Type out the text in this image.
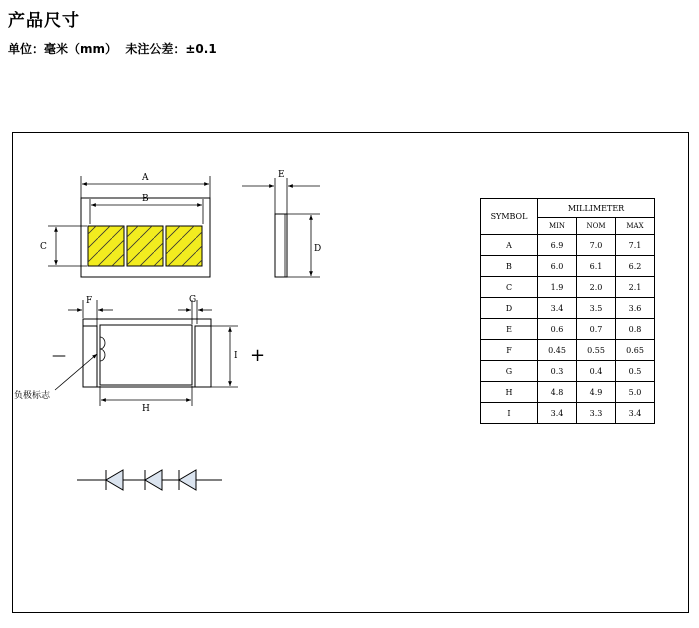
产品尺寸
单位：毫米（mm）  未注公差：±0.1
A
B
C
E
D
F	G
H
I
—	+
负极标志
SYMBOL	MILLIMETER		
	MIN	NOM	MAX
A	6.9	7.0	7.1
B	6.0	6.1	6.2
C	1.9	2.0	2.1
D	3.4	3.5	3.6
E	0.6	0.7	0.8
F	0.45	0.55	0.65
G	0.3	0.4	0.5
H	4.8	4.9	5.0
I	3.4	3.3	3.4
